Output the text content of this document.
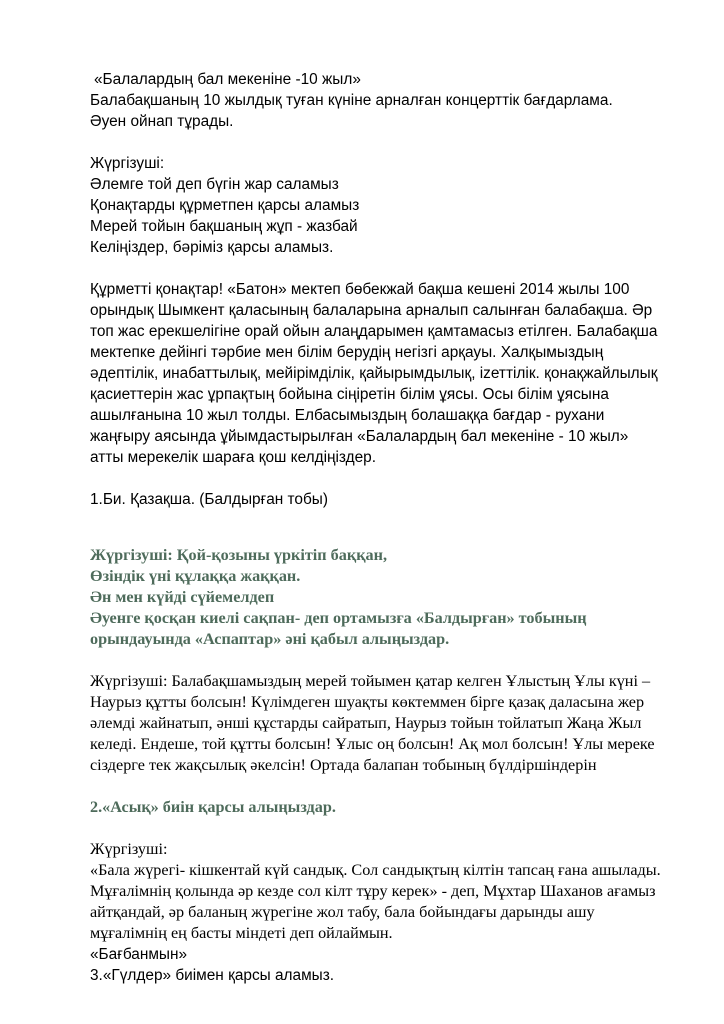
«Балалардың бал мекеніне -10 жыл»
Балабақшаның 10 жылдық туған күніне арналған концерттік бағдарлама.
Әуен ойнап тұрады.
Жүргізуші:
Әлемге той деп бүгін жар саламыз
Қонақтарды құрметпен қарсы аламыз
Мерей тойын бақшаның жұп - жазбай
Келіңіздер, бәріміз қарсы аламыз.
Құрметті қонақтар! «Батон» мектеп бөбекжай бақша кешені 2014 жылы 100
орындық Шымкент қаласының балаларына арналып салынған балабақша. Әр
топ жас ерекшелігіне орай ойын алаңдарымен қамтамасыз етілген. Балабақша
мектепке дейінгі тәрбие мен білім берудің негізгі арқауы. Халқымыздың
әдептілік, инабаттылық, мейірімділік, қайырымдылық, izеттілік. қонақжайлылық
қасиеттерін жас ұрпақтың бойына сіңіретін білім ұясы. Осы білім ұясына
ашылғанына 10 жыл толды. Елбасымыздың болашаққа бағдар - рухани
жаңғыру аясында ұйымдастырылған «Балалардың бал мекеніне - 10 жыл»
атты мерекелік шараға қош келдіңіздер.
1.Би. Қазақша. (Балдырған тобы)
Жүргізуші: Қой-қозыны үркітіп баққан,
Өзіндік үні құлаққа жаққан.
Ән мен күйді сүйемелдеп
Әуенге қосқан киелі сақпан- деп ортамызға «Балдырған» тобының
орындауында «Аспаптар» әні қабыл алыңыздар.
Жүргізуші: Балабақшамыздың мерей тойымен қатар келген Ұлыстың Ұлы күні –
Наурыз құтты болсын! Күлімдеген шуақты көктеммен бірге қазақ даласына жер
әлемді жайнатып, әнші құстарды сайратып, Наурыз тойын тойлатып Жаңа Жыл
келеді. Ендеше, той құтты болсын! Ұлыс оң болсын! Ақ мол болсын! Ұлы мереке
сіздерге тек жақсылық әкелсін! Ортада балапан тобының бүлдіршіндерін
2.«Асық» биін қарсы алыңыздар.
Жүргізуші:
«Бала жүрегі- кішкентай күй сандық. Сол сандықтың кілтін тапсаң ғана ашылады.
Мұғалімнің қолында әр кезде сол кілт тұру керек» - деп, Мұхтар Шаханов ағамыз
айтқандай, әр баланың жүрегіне жол табу, бала бойындағы дарынды ашу
мұғалімнің ең басты міндеті деп ойлаймын.
«Бағбанмын»
3.«Гүлдер» биімен қарсы аламыз.
